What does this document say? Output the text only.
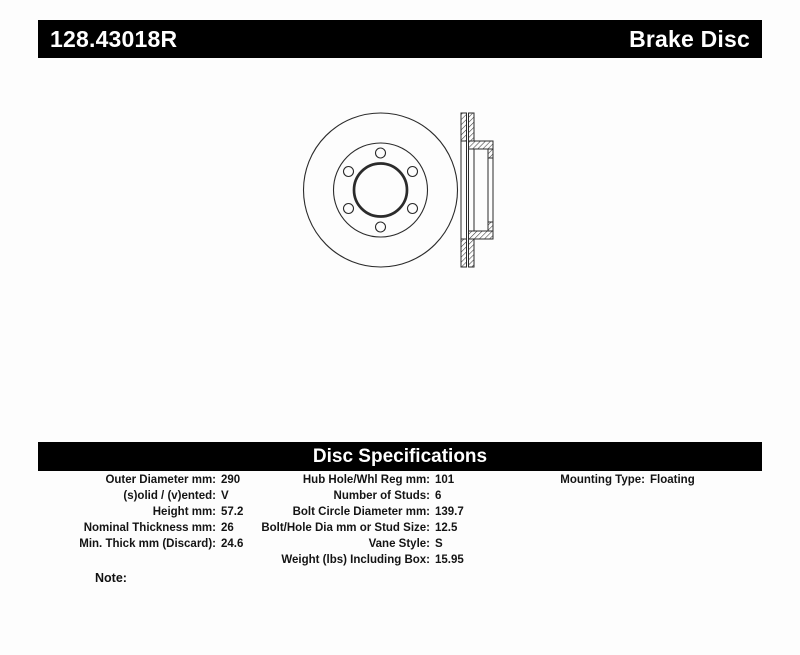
128.43018R	Brake Disc
Disc Specifications
Outer Diameter mm: 290
(s)olid / (v)ented: V
Height mm: 57.2
Nominal Thickness mm: 26
Min. Thick mm (Discard): 24.6
Hub Hole/Whl Reg mm: 101
Number of Studs: 6
Bolt Circle Diameter mm: 139.7
Bolt/Hole Dia mm or Stud Size: 12.5
Vane Style: S
Weight (lbs) Including Box: 15.95
Mounting Type: Floating
Note:
